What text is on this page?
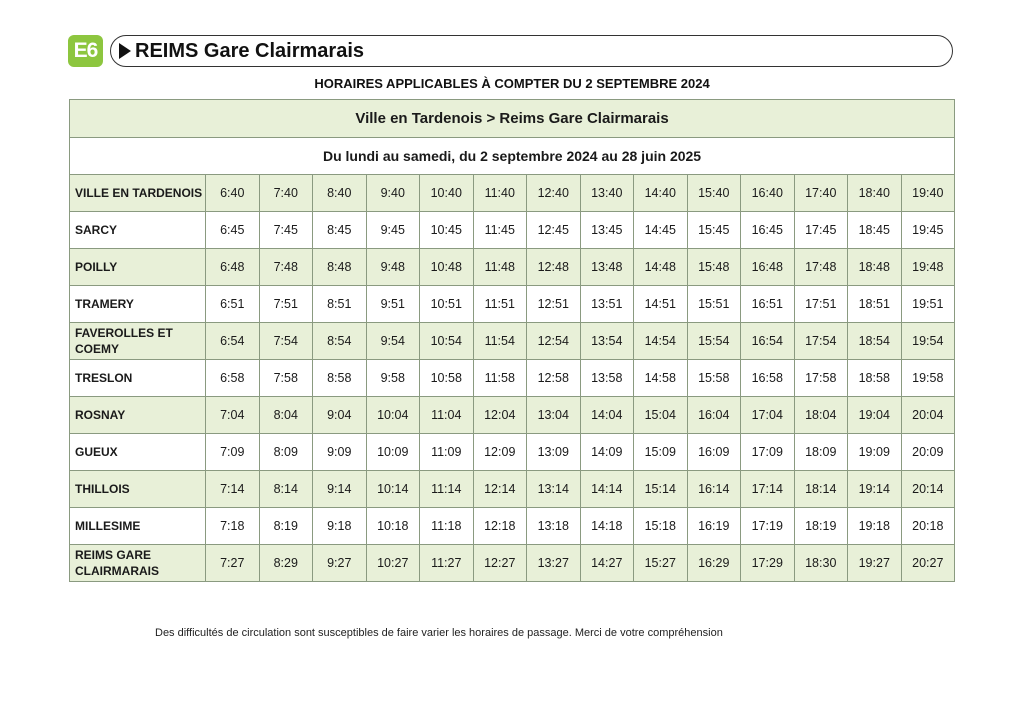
E6 REIMS Gare Clairmarais
HORAIRES APPLICABLES À COMPTER DU 2 SEPTEMBRE 2024
Ville en Tardenois > Reims Gare Clairmarais														
Du lundi au samedi, du 2 septembre 2024 au 28 juin 2025														
VILLE EN TARDENOIS	6:40	7:40	8:40	9:40	10:40	11:40	12:40	13:40	14:40	15:40	16:40	17:40	18:40	19:40
SARCY	6:45	7:45	8:45	9:45	10:45	11:45	12:45	13:45	14:45	15:45	16:45	17:45	18:45	19:45
POILLY	6:48	7:48	8:48	9:48	10:48	11:48	12:48	13:48	14:48	15:48	16:48	17:48	18:48	19:48
TRAMERY	6:51	7:51	8:51	9:51	10:51	11:51	12:51	13:51	14:51	15:51	16:51	17:51	18:51	19:51
FAVEROLLES ET COEMY	6:54	7:54	8:54	9:54	10:54	11:54	12:54	13:54	14:54	15:54	16:54	17:54	18:54	19:54
TRESLON	6:58	7:58	8:58	9:58	10:58	11:58	12:58	13:58	14:58	15:58	16:58	17:58	18:58	19:58
ROSNAY	7:04	8:04	9:04	10:04	11:04	12:04	13:04	14:04	15:04	16:04	17:04	18:04	19:04	20:04
GUEUX	7:09	8:09	9:09	10:09	11:09	12:09	13:09	14:09	15:09	16:09	17:09	18:09	19:09	20:09
THILLOIS	7:14	8:14	9:14	10:14	11:14	12:14	13:14	14:14	15:14	16:14	17:14	18:14	19:14	20:14
MILLESIME	7:18	8:19	9:18	10:18	11:18	12:18	13:18	14:18	15:18	16:19	17:19	18:19	19:18	20:18
REIMS GARE CLAIRMARAIS	7:27	8:29	9:27	10:27	11:27	12:27	13:27	14:27	15:27	16:29	17:29	18:30	19:27	20:27
Des difficultés de circulation sont susceptibles de faire varier les horaires de passage. Merci de votre compréhension
